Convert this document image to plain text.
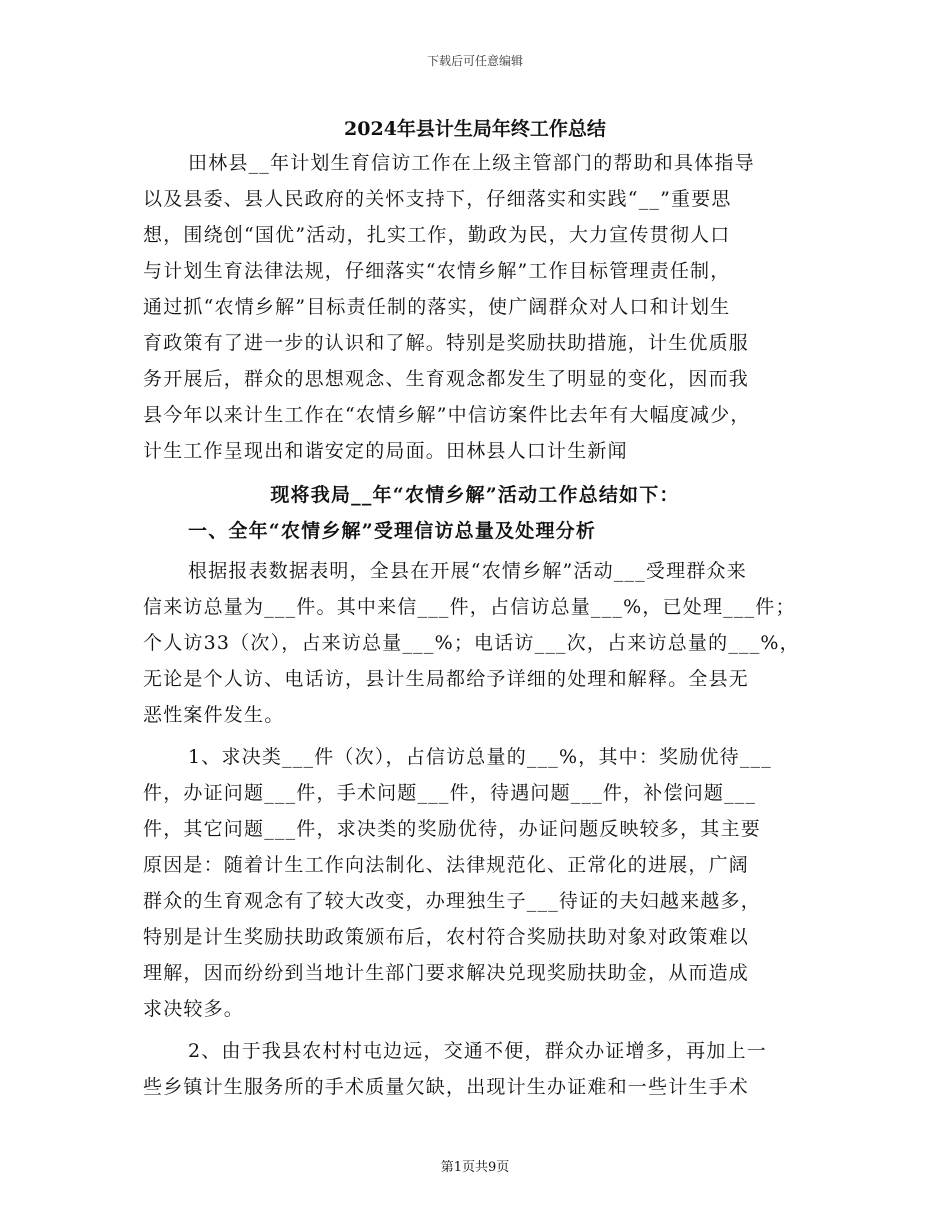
下载后可任意编辑
2024年县计生局年终工作总结
田林县__年计划生育信访工作在上级主管部门的帮助和具体指导
以及县委、县人民政府的关怀支持下，仔细落实和实践“__”重要思
想，围绕创“国优”活动，扎实工作，勤政为民，大力宣传贯彻人口
与计划生育法律法规，仔细落实“农情乡解”工作目标管理责任制，
通过抓“农情乡解”目标责任制的落实，使广阔群众对人口和计划生
育政策有了进一步的认识和了解。特别是奖励扶助措施，计生优质服
务开展后，群众的思想观念、生育观念都发生了明显的变化，因而我
县今年以来计生工作在“农情乡解”中信访案件比去年有大幅度减少，
计生工作呈现出和谐安定的局面。田林县人口计生新闻
现将我局__年“农情乡解”活动工作总结如下：
一、全年“农情乡解”受理信访总量及处理分析
根据报表数据表明，全县在开展“农情乡解”活动___受理群众来
信来访总量为___件。其中来信___件，占信访总量___%，已处理___件；
个人访33（次），占来访总量___%；电话访___次，占来访总量的___%，
无论是个人访、电话访，县计生局都给予详细的处理和解释。全县无
恶性案件发生。
1、求决类___件（次），占信访总量的___%，其中：奖励优待___
件，办证问题___件，手术问题___件，待遇问题___件，补偿问题___
件，其它问题___件，求决类的奖励优待，办证问题反映较多，其主要
原因是：随着计生工作向法制化、法律规范化、正常化的进展，广阔
群众的生育观念有了较大改变，办理独生子___待证的夫妇越来越多，
特别是计生奖励扶助政策颁布后，农村符合奖励扶助对象对政策难以
理解，因而纷纷到当地计生部门要求解决兑现奖励扶助金，从而造成
求决较多。
2、由于我县农村村屯边远，交通不便，群众办证增多，再加上一
些乡镇计生服务所的手术质量欠缺，出现计生办证难和一些计生手术
第1页共9页
